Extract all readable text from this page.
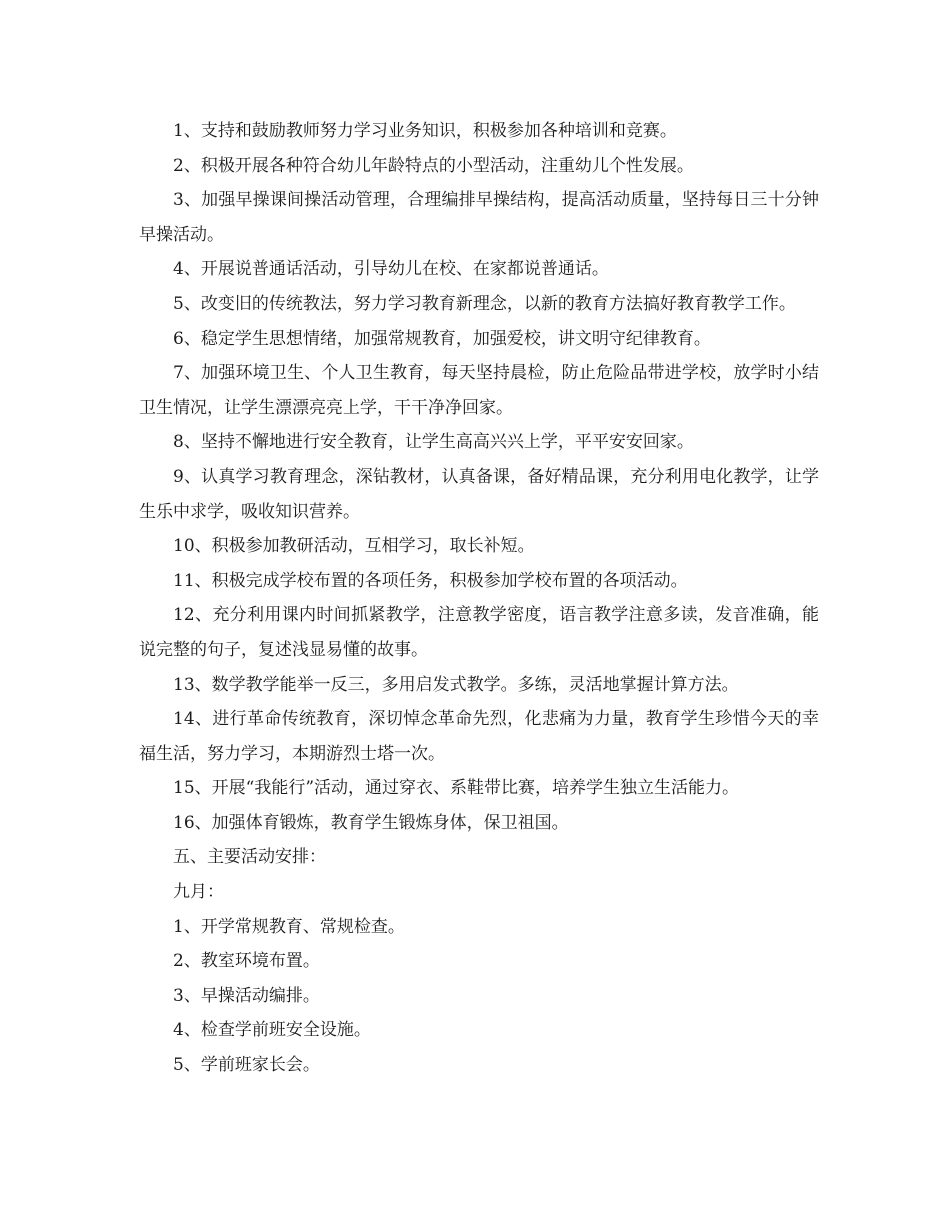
1、支持和鼓励教师努力学习业务知识，积极参加各种培训和竞赛。

2、积极开展各种符合幼儿年龄特点的小型活动，注重幼儿个性发展。

3、加强早操课间操活动管理，合理编排早操结构，提高活动质量，坚持每日三十分钟早操活动。

4、开展说普通话活动，引导幼儿在校、在家都说普通话。

5、改变旧的传统教法，努力学习教育新理念，以新的教育方法搞好教育教学工作。

6、稳定学生思想情绪，加强常规教育，加强爱校，讲文明守纪律教育。

7、加强环境卫生、个人卫生教育，每天坚持晨检，防止危险品带进学校，放学时小结卫生情况，让学生漂漂亮亮上学，干干净净回家。

8、坚持不懈地进行安全教育，让学生高高兴兴上学，平平安安回家。

9、认真学习教育理念，深钻教材，认真备课，备好精品课，充分利用电化教学，让学生乐中求学，吸收知识营养。

10、积极参加教研活动，互相学习，取长补短。

11、积极完成学校布置的各项任务，积极参加学校布置的各项活动。

12、充分利用课内时间抓紧教学，注意教学密度，语言教学注意多读，发音准确，能说完整的句子，复述浅显易懂的故事。

13、数学教学能举一反三，多用启发式教学。多练，灵活地掌握计算方法。

14、进行革命传统教育，深切悼念革命先烈，化悲痛为力量，教育学生珍惜今天的幸福生活，努力学习，本期游烈士塔一次。

15、开展“我能行”活动，通过穿衣、系鞋带比赛，培养学生独立生活能力。

16、加强体育锻炼，教育学生锻炼身体，保卫祖国。

五、主要活动安排：

九月：

1、开学常规教育、常规检查。

2、教室环境布置。

3、早操活动编排。

4、检查学前班安全设施。

5、学前班家长会。
